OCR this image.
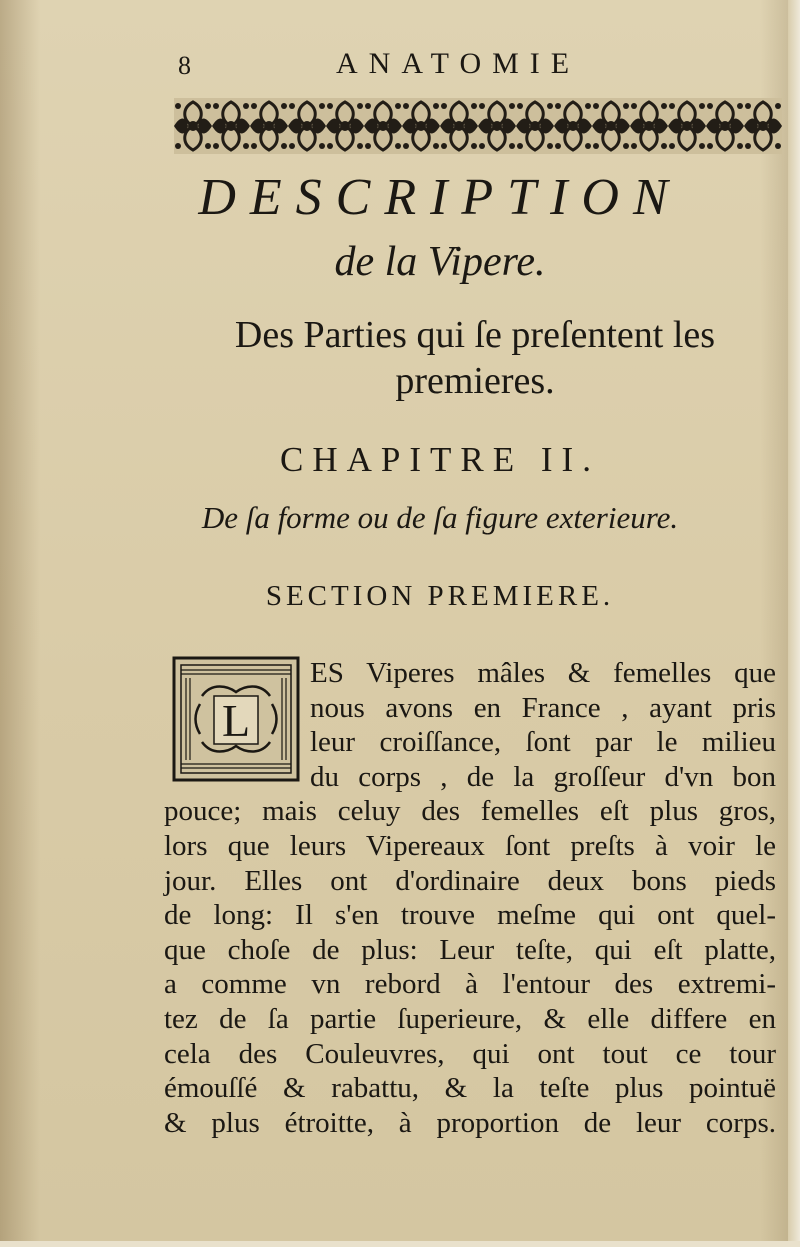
8	ANATOMIE
DESCRIPTION
de la Vipere.
Des Parties qui ſe preſentent les
premieres.
CHAPITRE II.
De ſa forme ou de ſa figure exterieure.
SECTION PREMIERE.
L
ES Viperes mâles & femelles que
nous avons en France , ayant pris
leur croiſſance, ſont par le milieu
du corps , de la groſſeur d'vn bon
pouce; mais celuy des femelles eſt plus gros,
lors que leurs Vipereaux ſont preſts à voir le
jour. Elles ont d'ordinaire deux bons pieds
de long: Il s'en trouve meſme qui ont quel-
que choſe de plus: Leur teſte, qui eſt platte,
a comme vn rebord à l'entour des extremi-
tez de ſa partie ſuperieure, & elle differe en
cela des Couleuvres, qui ont tout ce tour
émouſſé & rabattu, & la teſte plus pointuë
& plus étroitte, à proportion de leur corps.
